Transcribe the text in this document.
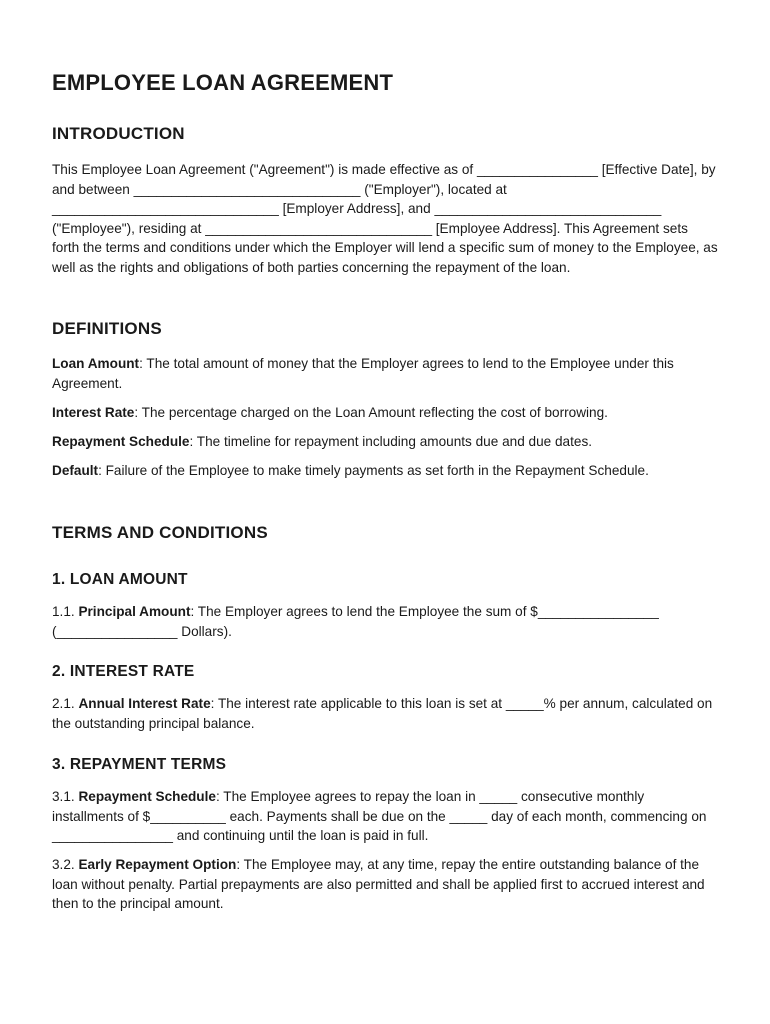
EMPLOYEE LOAN AGREEMENT
INTRODUCTION

This Employee Loan Agreement ("Agreement") is made effective as of ________________ [Effective Date], by and between ______________________________ ("Employer"), located at ______________________________ [Employer Address], and ______________________________ ("Employee"), residing at ______________________________ [Employee Address]. This Agreement sets forth the terms and conditions under which the Employer will lend a specific sum of money to the Employee, as well as the rights and obligations of both parties concerning the repayment of the loan.

DEFINITIONS

Loan Amount: The total amount of money that the Employer agrees to lend to the Employee under this Agreement.

Interest Rate: The percentage charged on the Loan Amount reflecting the cost of borrowing.

Repayment Schedule: The timeline for repayment including amounts due and due dates.

Default: Failure of the Employee to make timely payments as set forth in the Repayment Schedule.

TERMS AND CONDITIONS
1. LOAN AMOUNT

1.1. Principal Amount: The Employer agrees to lend the Employee the sum of $________________ (________________ Dollars).

2. INTEREST RATE

2.1. Annual Interest Rate: The interest rate applicable to this loan is set at _____% per annum, calculated on the outstanding principal balance.

3. REPAYMENT TERMS

3.1. Repayment Schedule: The Employee agrees to repay the loan in _____ consecutive monthly installments of $__________ each. Payments shall be due on the _____ day of each month, commencing on ________________ and continuing until the loan is paid in full.

3.2. Early Repayment Option: The Employee may, at any time, repay the entire outstanding balance of the loan without penalty. Partial prepayments are also permitted and shall be applied first to accrued interest and then to the principal amount.
